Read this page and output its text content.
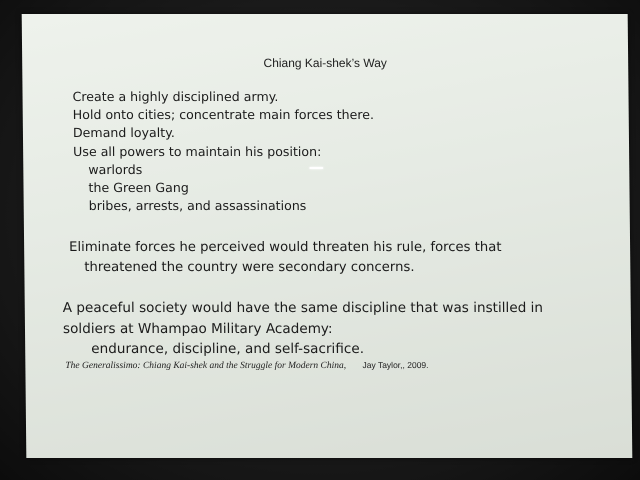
Chiang Kai-shek’s Way
Create a highly disciplined army.
Hold onto cities; concentrate main forces there.
Demand loyalty.
Use all powers to maintain his position:
warlords
the Green Gang
bribes, arrests, and assassinations
Eliminate forces he perceived would threaten his rule, forces that
threatened the country were secondary concerns.
A peaceful society would have the same discipline that was instilled in
soldiers at Whampao Military Academy:
endurance, discipline, and self-sacrifice.
The Generalissimo: Chiang Kai-shek and the Struggle for Modern China, Jay Taylor,, 2009.
